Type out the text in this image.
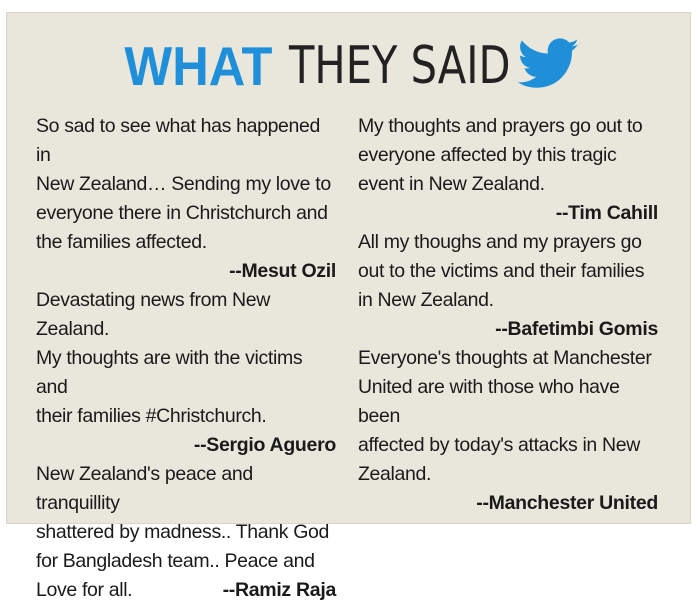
WHAT THEY SAID
So sad to see what has happened in
New Zealand… Sending my love to
everyone there in Christchurch and
the families affected.
--Mesut Ozil
Devastating news from New Zealand.
My thoughts are with the victims and
their families #Christchurch.
--Sergio Aguero
New Zealand's peace and tranquillity
shattered by madness.. Thank God
for Bangladesh team.. Peace and
Love for all.	--Ramiz Raja
My thoughts and prayers go out to
everyone affected by this tragic
event in New Zealand.
--Tim Cahill
All my thoughs and my prayers go
out to the victims and their families
in New Zealand.
--Bafetimbi Gomis
Everyone's thoughts at Manchester
United are with those who have been
affected by today's attacks in New
Zealand.
--Manchester United
